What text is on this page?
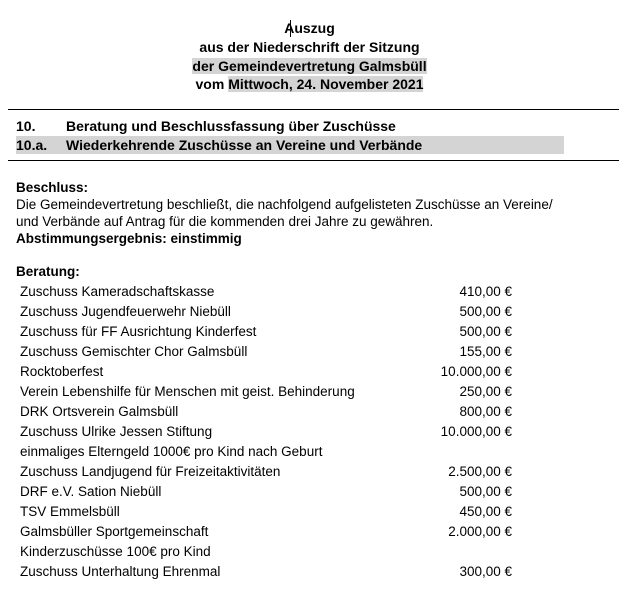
Auszug
aus der Niederschrift der Sitzung
der Gemeindevertretung Galmsbüll
vom Mittwoch, 24. November 2021
10. Beratung und Beschlussfassung über Zuschüsse
10.a. Wiederkehrende Zuschüsse an Vereine und Verbände
Beschluss:
Die Gemeindevertretung beschließt, die nachfolgend aufgelisteten Zuschüsse an Vereine/
und Verbände auf Antrag für die kommenden drei Jahre zu gewähren.
Abstimmungsergebnis: einstimmig
Beratung:
Zuschuss Kameradschaftskasse	410,00 €
Zuschuss Jugendfeuerwehr Niebüll	500,00 €
Zuschuss für FF Ausrichtung Kinderfest	500,00 €
Zuschuss Gemischter Chor Galmsbüll	155,00 €
Rocktoberfest	10.000,00 €
Verein Lebenshilfe für Menschen mit geist. Behinderung	250,00 €
DRK Ortsverein Galmsbüll	800,00 €
Zuschuss Ulrike Jessen Stiftung	10.000,00 €
einmaliges Elterngeld 1000€ pro Kind nach Geburt
Zuschuss Landjugend für Freizeitaktivitäten	2.500,00 €
DRF e.V. Sation Niebüll	500,00 €
TSV Emmelsbüll	450,00 €
Galmsbüller Sportgemeinschaft	2.000,00 €
Kinderzuschüsse 100€ pro Kind
Zuschuss Unterhaltung Ehrenmal	300,00 €
